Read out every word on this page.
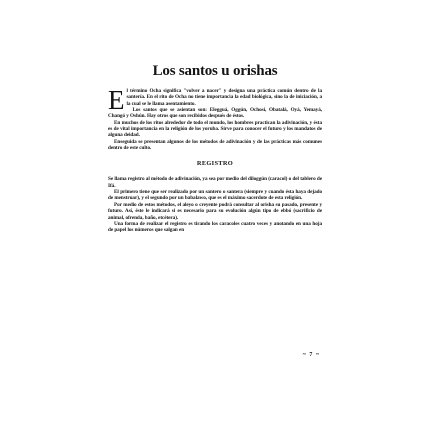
Los santos u orishas

El término Ocha significa "volver a nacer" y designa una práctica común dentro de la santería. En el rito de Ocha no tiene importancia la edad biológica, sino la de iniciación, a la cual se le llama asentamiento.

Los santos que se asientan son: Elegguá, Oggún, Ochosi, Obatalá, Oyá, Yemayá, Changó y Oshún. Hay otros que son recibidos después de éstos.

En muchos de los ritos alrededor de todo el mundo, los hombres practican la adivinación, y ésta es de vital importancia en la religión de los yoruba. Sirve para conocer el futuro y los mandatos de alguna deidad.

Enseguida se presentan algunos de los métodos de adivinación y de las prácticas más comunes dentro de este culto.

REGISTRO

Se llama registro al método de adivinación, ya sea por medio del diloggún (caracol) o del tablero de Ifá.

El primero tiene que ser realizado por un santero o santera (siempre y cuando ésta haya dejado de menstruar), y el segundo por un babalawo, que es el máximo sacerdote de esta religión.

Por medio de estos métodos, el aleyo o creyente podrá consultar al orisha su pasado, presente y futuro. Así, éste le indicará si es necesario para su evolución algún tipo de ebbó (sacrificio de animal, ofrenda, baño, etcétera).

Una forma de realizar el registro es tirando los caracoles cuatro veces y anotando en una hoja de papel los números que salgan en

~ 7 ~
